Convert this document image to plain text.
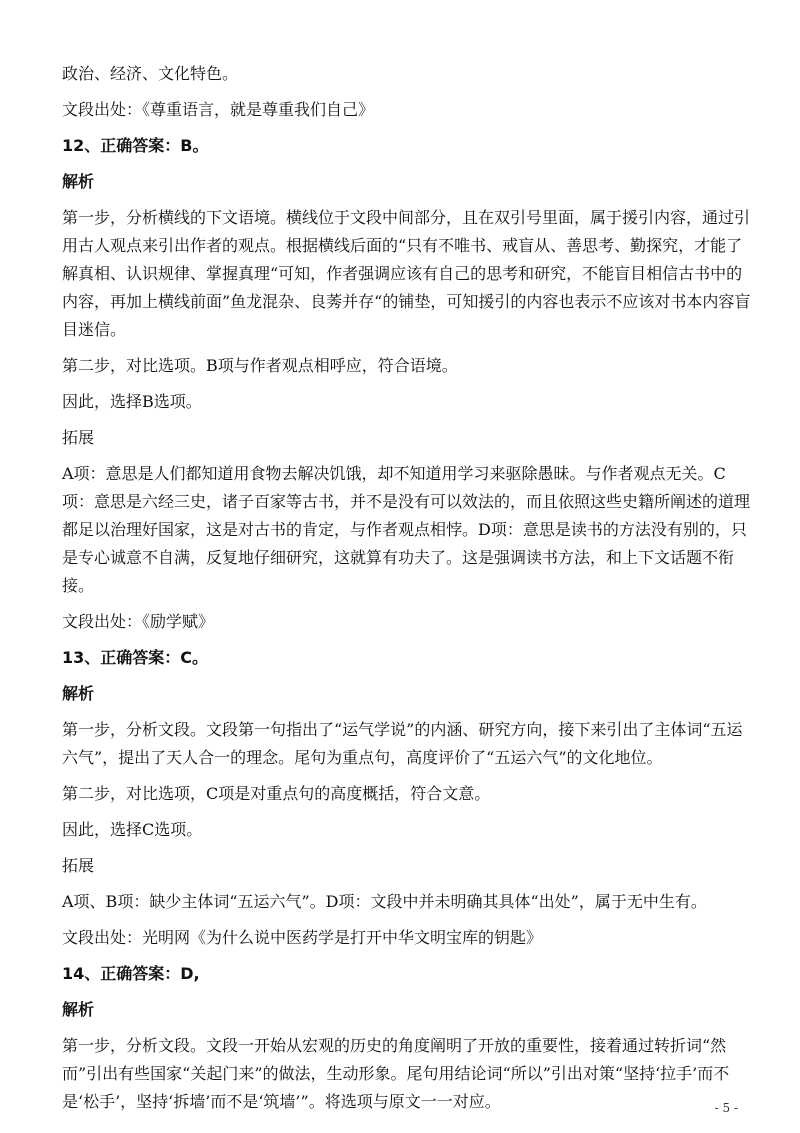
政治、经济、文化特色。

文段出处：《尊重语言，就是尊重我们自己》

12、正确答案：B。

解析

第一步，分析横线的下文语境。横线位于文段中间部分，且在双引号里面，属于援引内容，通过引用古人观点来引出作者的观点。根据横线后面的“只有不唯书、戒盲从、善思考、勤探究，才能了解真相、认识规律、掌握真理“可知，作者强调应该有自己的思考和研究，不能盲目相信古书中的内容，再加上横线前面”鱼龙混杂、良莠并存“的铺垫，可知援引的内容也表示不应该对书本内容盲目迷信。

第二步，对比选项。B项与作者观点相呼应，符合语境。

因此，选择B选项。

拓展

A项：意思是人们都知道用食物去解决饥饿，却不知道用学习来驱除愚昧。与作者观点无关。C项：意思是六经三史，诸子百家等古书，并不是没有可以效法的，而且依照这些史籍所阐述的道理都足以治理好国家，这是对古书的肯定，与作者观点相悖。D项：意思是读书的方法没有别的，只是专心诚意不自满，反复地仔细研究，这就算有功夫了。这是强调读书方法，和上下文话题不衔接。

文段出处：《励学赋》

13、正确答案：C。

解析

第一步，分析文段。文段第一句指出了“运气学说”的内涵、研究方向，接下来引出了主体词“五运六气”，提出了天人合一的理念。尾句为重点句，高度评价了“五运六气”的文化地位。

第二步，对比选项，C项是对重点句的高度概括，符合文意。

因此，选择C选项。

拓展

A项、B项：缺少主体词“五运六气”。D项：文段中并未明确其具体“出处”，属于无中生有。

文段出处：光明网《为什么说中医药学是打开中华文明宝库的钥匙》

14、正确答案：D,

解析

第一步，分析文段。文段一开始从宏观的历史的角度阐明了开放的重要性，接着通过转折词“然而”引出有些国家“关起门来”的做法，生动形象。尾句用结论词“所以”引出对策“坚持‘拉手’而不是‘松手’，坚持‘拆墙’而不是‘筑墙’”。将选项与原文一一对应。	- 5 -
